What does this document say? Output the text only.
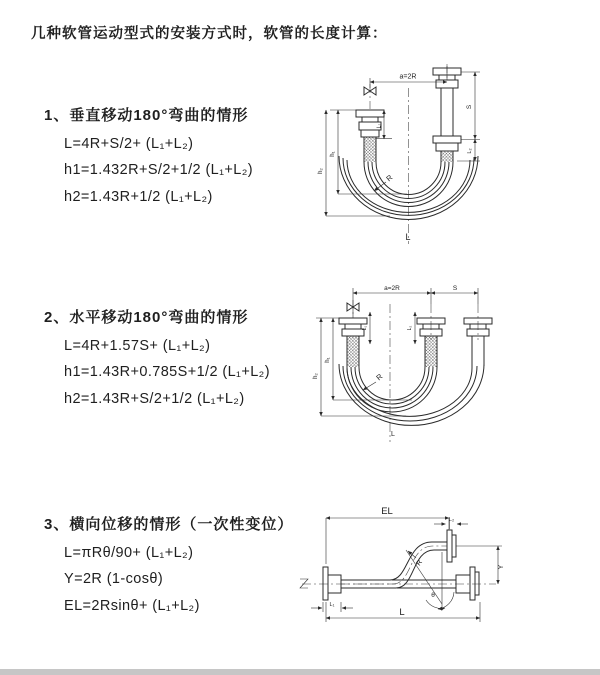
几种软管运动型式的安装方式时，软管的长度计算：
1、垂直移动180°弯曲的情形
L=4R+S/2+ (L₁+L₂)
h1=1.432R+S/2+1/2 (L₁+L₂)
h2=1.43R+1/2 (L₁+L₂)
2、水平移动180°弯曲的情形
L=4R+1.57S+ (L₁+L₂)
h1=1.43R+0.785S+1/2 (L₁+L₂)
h2=1.43R+S/2+1/2 (L₁+L₂)
3、横向位移的情形（一次性变位）
L=πRθ/90+ (L₁+L₂)
Y=2R (1-cosθ)
EL=2Rsinθ+ (L₁+L₂)
a=2R
L₁
S
L₂
h₁
h₂
R
L
a=2R	S
L₁	L₂
h₁
h₂	R
L
EL
L₂
Y
R
θ
L
L₁
